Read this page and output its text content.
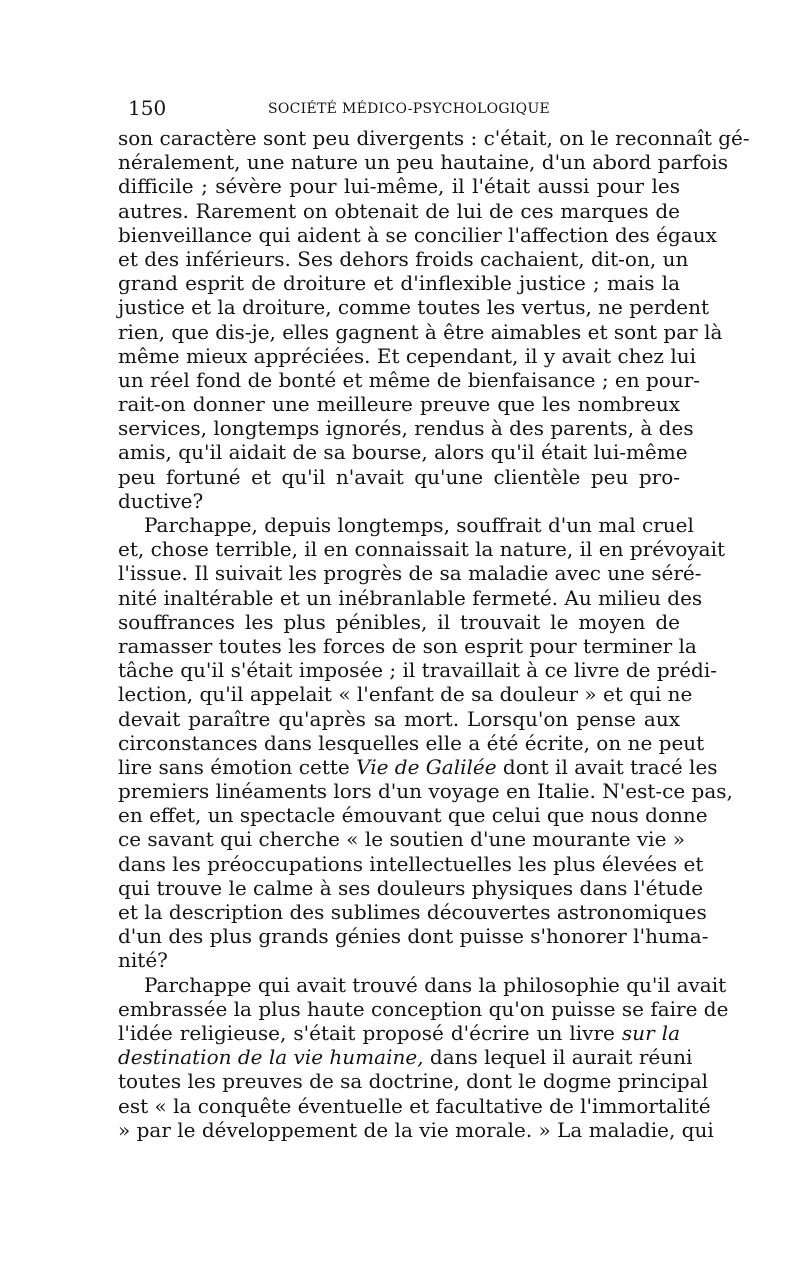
150	SOCIÉTÉ MÉDICO-PSYCHOLOGIQUE
son caractère sont peu divergents : c'était, on le reconnaît gé-
néralement, une nature un peu hautaine, d'un abord parfois
difficile ; sévère pour lui-même, il l'était aussi pour les
autres. Rarement on obtenait de lui de ces marques de
bienveillance qui aident à se concilier l'affection des égaux
et des inférieurs. Ses dehors froids cachaient, dit-on, un
grand esprit de droiture et d'inflexible justice ; mais la
justice et la droiture, comme toutes les vertus, ne perdent
rien, que dis-je, elles gagnent à être aimables et sont par là
même mieux appréciées. Et cependant, il y avait chez lui
un réel fond de bonté et même de bienfaisance ; en pour-
rait-on donner une meilleure preuve que les nombreux
services, longtemps ignorés, rendus à des parents, à des
amis, qu'il aidait de sa bourse, alors qu'il était lui-même
peu fortuné et qu'il n'avait qu'une clientèle peu pro-
ductive?
Parchappe, depuis longtemps, souffrait d'un mal cruel
et, chose terrible, il en connaissait la nature, il en prévoyait
l'issue. Il suivait les progrès de sa maladie avec une séré-
nité inaltérable et un inébranlable fermeté. Au milieu des
souffrances les plus pénibles, il trouvait le moyen de
ramasser toutes les forces de son esprit pour terminer la
tâche qu'il s'était imposée ; il travaillait à ce livre de prédi-
lection, qu'il appelait « l'enfant de sa douleur » et qui ne
devait paraître qu'après sa mort. Lorsqu'on pense aux
circonstances dans lesquelles elle a été écrite, on ne peut
lire sans émotion cette Vie de Galilée dont il avait tracé les
premiers linéaments lors d'un voyage en Italie. N'est-ce pas,
en effet, un spectacle émouvant que celui que nous donne
ce savant qui cherche « le soutien d'une mourante vie »
dans les préoccupations intellectuelles les plus élevées et
qui trouve le calme à ses douleurs physiques dans l'étude
et la description des sublimes découvertes astronomiques
d'un des plus grands génies dont puisse s'honorer l'huma-
nité?
Parchappe qui avait trouvé dans la philosophie qu'il avait
embrassée la plus haute conception qu'on puisse se faire de
l'idée religieuse, s'était proposé d'écrire un livre sur la
destination de la vie humaine, dans lequel il aurait réuni
toutes les preuves de sa doctrine, dont le dogme principal
est « la conquête éventuelle et facultative de l'immortalité
» par le développement de la vie morale. » La maladie, qui
